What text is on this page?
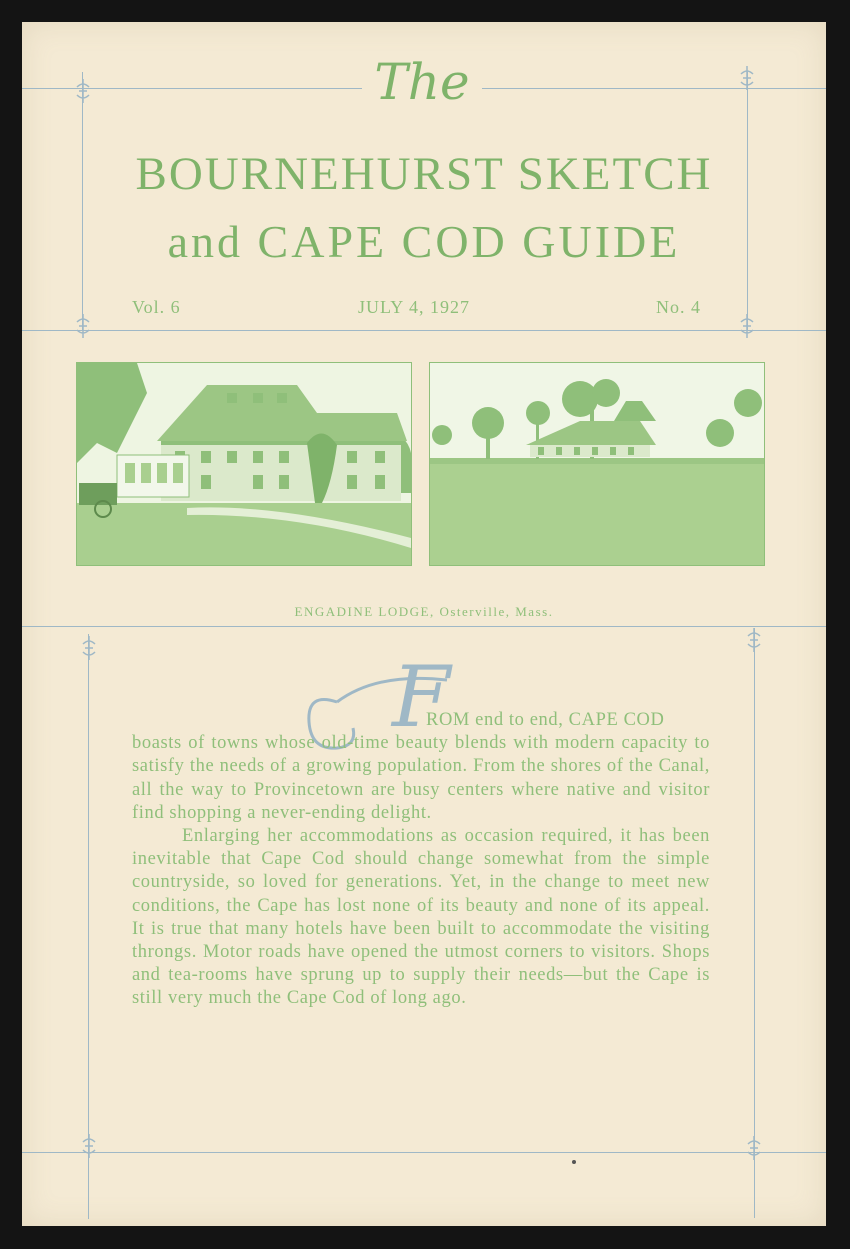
The
BOURNEHURST SKETCH
and CAPE COD GUIDE
Vol. 6	JULY 4, 1927	No. 4
ENGADINE LODGE, Osterville, Mass.
F
ROM end to end, CAPE COD
boasts of towns whose old-time beauty blends with modern capacity to satisfy the needs of a growing population. From the shores of the Canal, all the way to Provincetown are busy centers where native and visitor find shopping a never-ending delight.
Enlarging her accommodations as occasion required, it has been inevitable that Cape Cod should change somewhat from the simple countryside, so loved for generations. Yet, in the change to meet new conditions, the Cape has lost none of its beauty and none of its appeal. It is true that many hotels have been built to accommodate the visiting throngs. Motor roads have opened the utmost corners to visitors. Shops and tea-rooms have sprung up to supply their needs—but the Cape is still very much the Cape Cod of long ago.
